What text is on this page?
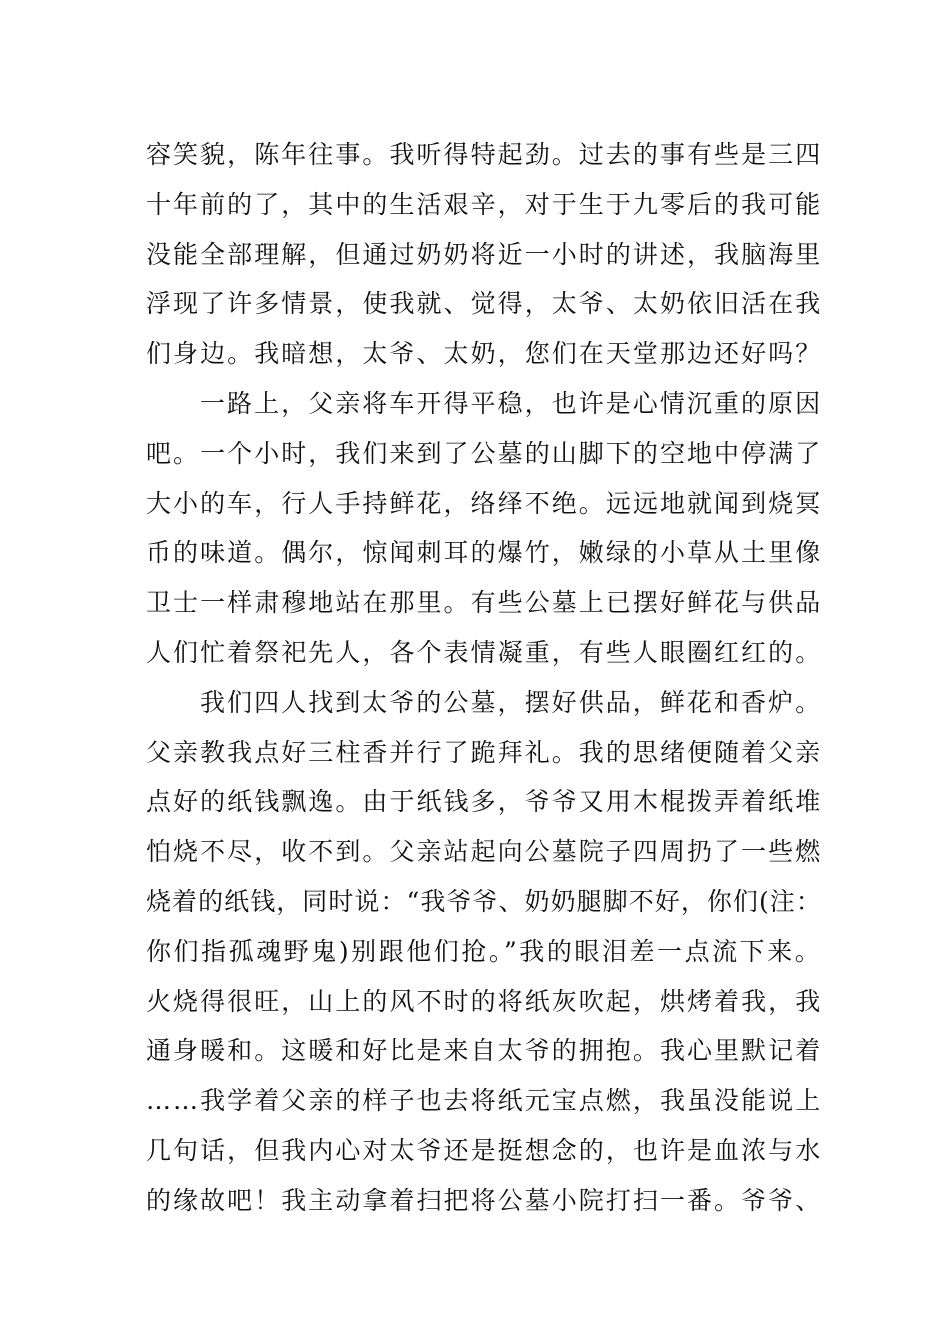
容笑貌，陈年往事。我听得特起劲。过去的事有些是三四
十年前的了，其中的生活艰辛，对于生于九零后的我可能
没能全部理解，但通过奶奶将近一小时的讲述，我脑海里
浮现了许多情景，使我就、觉得，太爷、太奶依旧活在我
们身边。我暗想，太爷、太奶，您们在天堂那边还好吗？
一路上，父亲将车开得平稳，也许是心情沉重的原因
吧。一个小时，我们来到了公墓的山脚下的空地中停满了
大小的车，行人手持鲜花，络绎不绝。远远地就闻到烧冥
币的味道。偶尔，惊闻刺耳的爆竹，嫩绿的小草从土里像
卫士一样肃穆地站在那里。有些公墓上已摆好鲜花与供品
人们忙着祭祀先人，各个表情凝重，有些人眼圈红红的。
我们四人找到太爷的公墓，摆好供品，鲜花和香炉。
父亲教我点好三柱香并行了跪拜礼。我的思绪便随着父亲
点好的纸钱飘逸。由于纸钱多，爷爷又用木棍拨弄着纸堆
怕烧不尽，收不到。父亲站起向公墓院子四周扔了一些燃
烧着的纸钱，同时说：“我爷爷、奶奶腿脚不好，你们(注：
你们指孤魂野鬼)别跟他们抢。”我的眼泪差一点流下来。
火烧得很旺，山上的风不时的将纸灰吹起，烘烤着我，我
通身暖和。这暖和好比是来自太爷的拥抱。我心里默记着
……我学着父亲的样子也去将纸元宝点燃，我虽没能说上
几句话，但我内心对太爷还是挺想念的，也许是血浓与水
的缘故吧！我主动拿着扫把将公墓小院打扫一番。爷爷、
